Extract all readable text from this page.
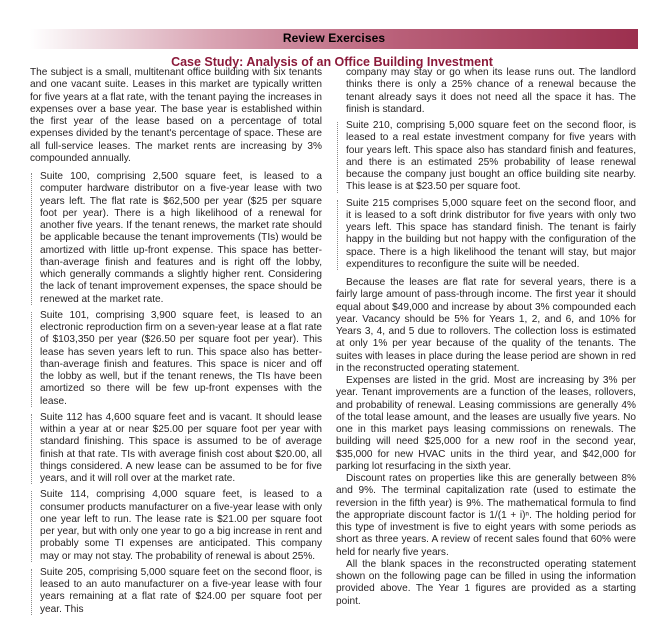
Review Exercises
Case Study: Analysis of an Office Building Investment

The subject is a small, multitenant office building with six tenants and one vacant suite. Leases in this market are typically written for five years at a flat rate, with the tenant paying the increases in expenses over a base year. The base year is established within the first year of the lease based on a percentage of total expenses divided by the tenant's percentage of space. These are all full-service leases. The market rents are increasing by 3% compounded annually.

Suite 100, comprising 2,500 square feet, is leased to a computer hardware distributor on a five-year lease with two years left. The flat rate is $62,500 per year ($25 per square foot per year). There is a high likelihood of a renewal for another five years. If the tenant renews, the market rate should be applicable because the tenant improvements (TIs) would be amortized with little up-front expense. This space has better-than-average finish and features and is right off the lobby, which generally commands a slightly higher rent. Considering the lack of tenant improvement expenses, the space should be renewed at the market rate.
Suite 101, comprising 3,900 square feet, is leased to an electronic reproduction firm on a seven-year lease at a flat rate of $103,350 per year ($26.50 per square foot per year). This lease has seven years left to run. This space also has better-than-average finish and features. This space is nicer and off the lobby as well, but if the tenant renews, the TIs have been amortized so there will be few up-front expenses with the lease.
Suite 112 has 4,600 square feet and is vacant. It should lease within a year at or near $25.00 per square foot per year with standard finishing. This space is assumed to be of average finish at that rate. TIs with average finish cost about $20.00, all things considered. A new lease can be assumed to be for five years, and it will roll over at the market rate.
Suite 114, comprising 4,000 square feet, is leased to a consumer products manufacturer on a five-year lease with only one year left to run. The lease rate is $21.00 per square foot per year, but with only one year to go a big increase in rent and probably some TI expenses are anticipated. This company may or may not stay. The probability of renewal is about 25%.
Suite 205, comprising 5,000 square feet on the second floor, is leased to an auto manufacturer on a five-year lease with four years remaining at a flat rate of $24.00 per square foot per year. This
company may stay or go when its lease runs out. The landlord thinks there is only a 25% chance of a renewal because the tenant already says it does not need all the space it has. The finish is standard.
Suite 210, comprising 5,000 square feet on the second floor, is leased to a real estate investment company for five years with four years left. This space also has standard finish and features, and there is an estimated 25% probability of lease renewal because the company just bought an office building site nearby. This lease is at $23.50 per square foot.
Suite 215 comprises 5,000 square feet on the second floor, and it is leased to a soft drink distributor for five years with only two years left. This space has standard finish. The tenant is fairly happy in the building but not happy with the configuration of the space. There is a high likelihood the tenant will stay, but major expenditures to reconfigure the suite will be needed.

Because the leases are flat rate for several years, there is a fairly large amount of pass-through income. The first year it should equal about $49,000 and increase by about 3% compounded each year. Vacancy should be 5% for Years 1, 2, and 6, and 10% for Years 3, 4, and 5 due to rollovers. The collection loss is estimated at only 1% per year because of the quality of the tenants. The suites with leases in place during the lease period are shown in red in the reconstructed operating statement.

Expenses are listed in the grid. Most are increasing by 3% per year. Tenant improvements are a function of the leases, rollovers, and probability of renewal. Leasing commissions are generally 4% of the total lease amount, and the leases are usually five years. No one in this market pays leasing commissions on renewals. The building will need $25,000 for a new roof in the second year, $35,000 for new HVAC units in the third year, and $42,000 for parking lot resurfacing in the sixth year.

Discount rates on properties like this are generally between 8% and 9%. The terminal capitalization rate (used to estimate the reversion in the fifth year) is 9%. The mathematical formula to find the appropriate discount factor is 1/(1 + i)ⁿ. The holding period for this type of investment is five to eight years with some periods as short as three years. A review of recent sales found that 60% were held for nearly five years.

All the blank spaces in the reconstructed operating statement shown on the following page can be filled in using the information provided above. The Year 1 figures are provided as a starting point.
